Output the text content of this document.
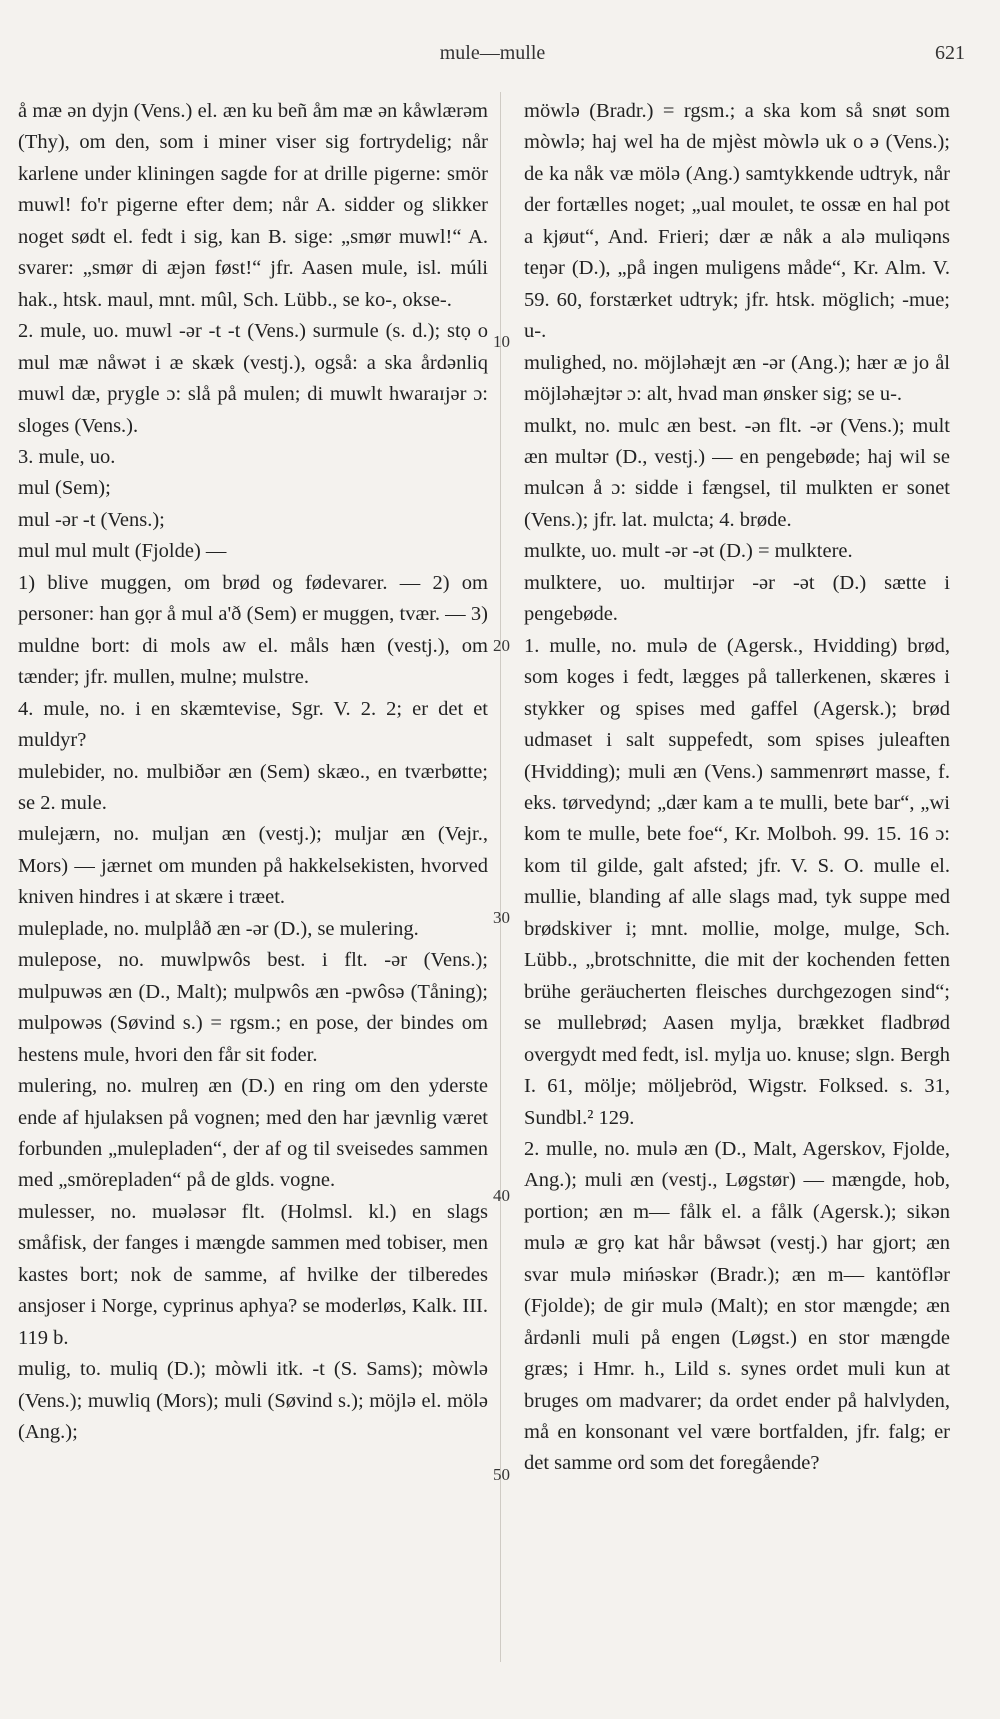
mule—mulle	621
10
20
30
40
50

å mæ ən dyjn (Vens.) el. æn ku beñ åm mæ ən kåwlærəm (Thy), om den, som i miner viser sig fortrydelig; når karlene under kliningen sagde for at drille pigerne: smör muwl! fo'r pigerne efter dem; når A. sidder og slikker noget sødt el. fedt i sig, kan B. sige: „smør muwl!“ A. svarer: „smør di æjən føst!“ jfr. Aasen mule, isl. múli hak., htsk. maul, mnt. mûl, Sch. Lübb., se ko-, okse-.

2. mule, uo. muwl -ər -t -t (Vens.) surmule (s. d.); stọ o mul mæ nåwət i æ skæk (vestj.), også: a ska årdənliq muwl dæ, prygle ɔ: slå på mulen; di muwlt hwaraɪjər ɔ: sloges (Vens.).

3. mule, uo.

mul (Sem);

mul -ər -t (Vens.);

mul mul mult (Fjolde) —

1) blive muggen, om brød og fødevarer. — 2) om personer: han gọr å mul a'ð (Sem) er muggen, tvær. — 3) muldne bort: di mols aw el. måls hæn (vestj.), om tænder; jfr. mullen, mulne; mulstre.

4. mule, no. i en skæmtevise, Sgr. V. 2. 2; er det et muldyr?

mulebider, no. mulbiðər æn (Sem) skæo., en tværbøtte; se 2. mule.

mulejærn, no. muljan æn (vestj.); muljar æn (Vejr., Mors) — jærnet om munden på hakkelsekisten, hvorved kniven hindres i at skære i træet.

muleplade, no. mulplåð æn -ər (D.), se mulering.

mulepose, no. muwlpwôs best. i flt. -ər (Vens.); mulpuwəs æn (D., Malt); mulpwôs æn -pwôsə (Tåning); mulpowəs (Søvind s.) = rgsm.; en pose, der bindes om hestens mule, hvori den får sit foder.

mulering, no. mulreŋ æn (D.) en ring om den yderste ende af hjulaksen på vognen; med den har jævnlig været forbunden „mulepladen“, der af og til sveisedes sammen med „smörepladen“ på de glds. vogne.

mulesser, no. muələsər flt. (Holmsl. kl.) en slags småfisk, der fanges i mængde sammen med tobiser, men kastes bort; nok de samme, af hvilke der tilberedes ansjoser i Norge, cyprinus aphya? se moderløs, Kalk. III. 119 b.

mulig, to. muliq (D.); mòwli itk. -t (S. Sams); mòwlə (Vens.); muwliq (Mors); muli (Søvind s.); möjlə el. mölə (Ang.);

möwlə (Bradr.) = rgsm.; a ska kom så snøt som mòwlə; haj wel ha de mjèst mòwlə uk o ə (Vens.); de ka nåk væ mölə (Ang.) samtykkende udtryk, når der fortælles noget; „ual moulet, te ossæ en hal pot a kjøut“, And. Frieri; dær æ nåk a alə muliqəns teŋər (D.), „på ingen muligens måde“, Kr. Alm. V. 59. 60, forstærket udtryk; jfr. htsk. möglich; -mue; u-.

mulighed, no. möjləhæjt æn -ər (Ang.); hær æ jo ål möjləhæjtər ɔ: alt, hvad man ønsker sig; se u-.

mulkt, no. mulc æn best. -ən flt. -ər (Vens.); mult æn multər (D., vestj.) — en pengebøde; haj wil se mulcən å ɔ: sidde i fængsel, til mulkten er sonet (Vens.); jfr. lat. mulcta; 4. brøde.

mulkte, uo. mult -ər -ət (D.) = mulktere.

mulktere, uo. multiɪjər -ər -ət (D.) sætte i pengebøde.

1. mulle, no. mulə de (Agersk., Hvidding) brød, som koges i fedt, lægges på tallerkenen, skæres i stykker og spises med gaffel (Agersk.); brød udmaset i salt suppefedt, som spises juleaften (Hvidding); muli æn (Vens.) sammenrørt masse, f. eks. tørvedynd; „dær kam a te mulli, bete bar“, „wi kom te mulle, bete foe“, Kr. Molboh. 99. 15. 16 ɔ: kom til gilde, galt afsted; jfr. V. S. O. mulle el. mullie, blanding af alle slags mad, tyk suppe med brødskiver i; mnt. mollie, molge, mulge, Sch. Lübb., „brotschnitte, die mit der kochenden fetten brühe geräucherten fleisches durchgezogen sind“; se mullebrød; Aasen mylja, brækket fladbrød overgydt med fedt, isl. mylja uo. knuse; slgn. Bergh I. 61, mölje; möljebröd, Wigstr. Folksed. s. 31, Sundbl.² 129.

2. mulle, no. mulə æn (D., Malt, Agerskov, Fjolde, Ang.); muli æn (vestj., Løgstør) — mængde, hob, portion; æn m— fålk el. a fålk (Agersk.); sikən mulə æ grọ kat hår båwsət (vestj.) har gjort; æn svar mulə mińəskər (Bradr.); æn m— kantöflər (Fjolde); de gir mulə (Malt); en stor mængde; æn årdənli muli på engen (Løgst.) en stor mængde græs; i Hmr. h., Lild s. synes ordet muli kun at bruges om madvarer; da ordet ender på halvlyden, må en konsonant vel være bortfalden, jfr. falg; er det samme ord som det foregående?
